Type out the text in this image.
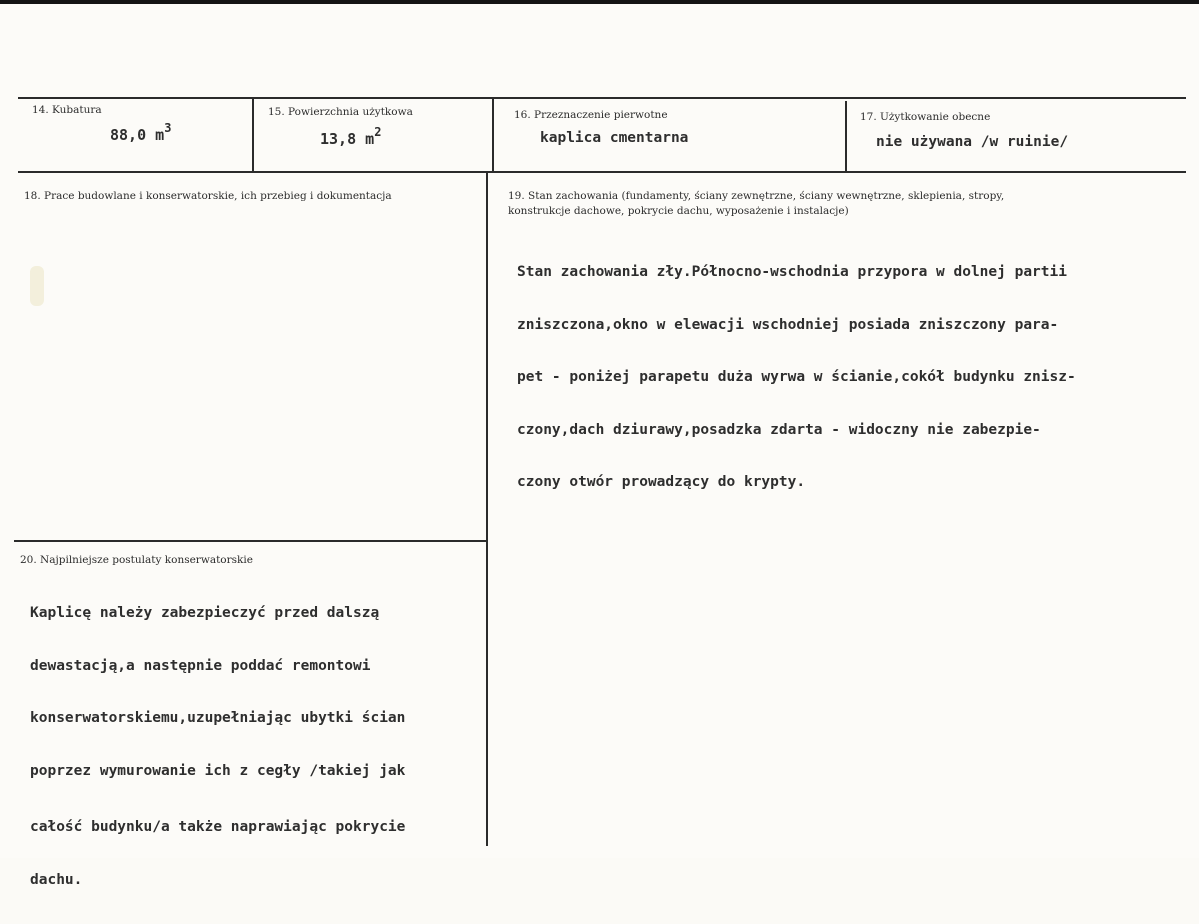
14. Kubatura
88,0 $m^3$
15. Powierzchnia użytkowa
13,8 $m^2$
16. Przeznaczenie pierwotne
kaplica cmentarna
17. Użytkowanie obecne
nie używana /w ruinie/
18. Prace budowlane i konserwatorskie, ich przebieg i dokumentacja	19. Stan zachowania (fundamenty, ściany zewnętrzne, ściany wewnętrzne, sklepienia, stropy,
konstrukcje dachowe, pokrycie dachu, wyposażenie i instalacje)

Stan zachowania zły.Północno-wschodnia przypora w dolnej partii

zniszczona,okno w elewacji wschodniej posiada zniszczony para-

pet - poniżej parapetu duża wyrwa w ścianie,cokół budynku znisz-

czony,dach dziurawy,posadzka zdarta - widoczny nie zabezpie-

czony otwór prowadzący do krypty.

20. Najpilniejsze postulaty konserwatorskie

Kaplicę należy zabezpieczyć przed dalszą

dewastacją,a następnie poddać remontowi

konserwatorskiemu,uzupełniając ubytki ścian

poprzez wymurowanie ich z cegły /takiej jak

całość budynku/a także naprawiając pokrycie

dachu.
